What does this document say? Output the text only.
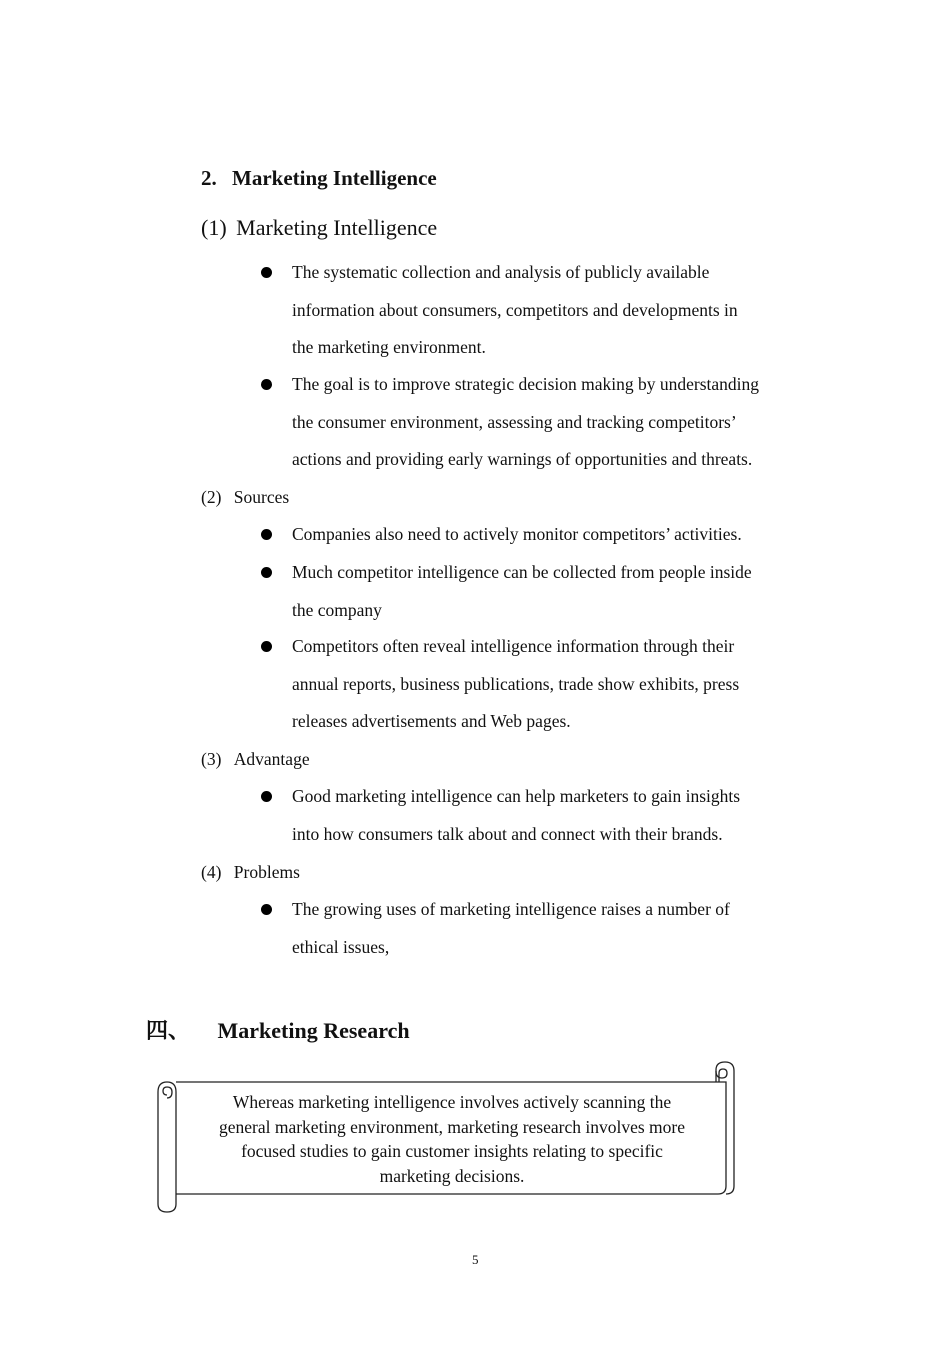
2. Marketing Intelligence
(1) Marketing Intelligence
The systematic collection and analysis of publicly available
information about consumers, competitors and developments in
the marketing environment.
The goal is to improve strategic decision making by understanding
the consumer environment, assessing and tracking competitors’
actions and providing early warnings of opportunities and threats.
(2) Sources
Companies also need to actively monitor competitors’ activities.
Much competitor intelligence can be collected from people inside
the company
Competitors often reveal intelligence information through their
annual reports, business publications, trade show exhibits, press
releases advertisements and Web pages.
(3) Advantage
Good marketing intelligence can help marketers to gain insights
into how consumers talk about and connect with their brands.
(4) Problems
The growing uses of marketing intelligence raises a number of
ethical issues,
四、 Marketing Research
Whereas marketing intelligence involves actively scanning the
general marketing environment, marketing research involves more
focused studies to gain customer insights relating to specific
marketing decisions.
5
